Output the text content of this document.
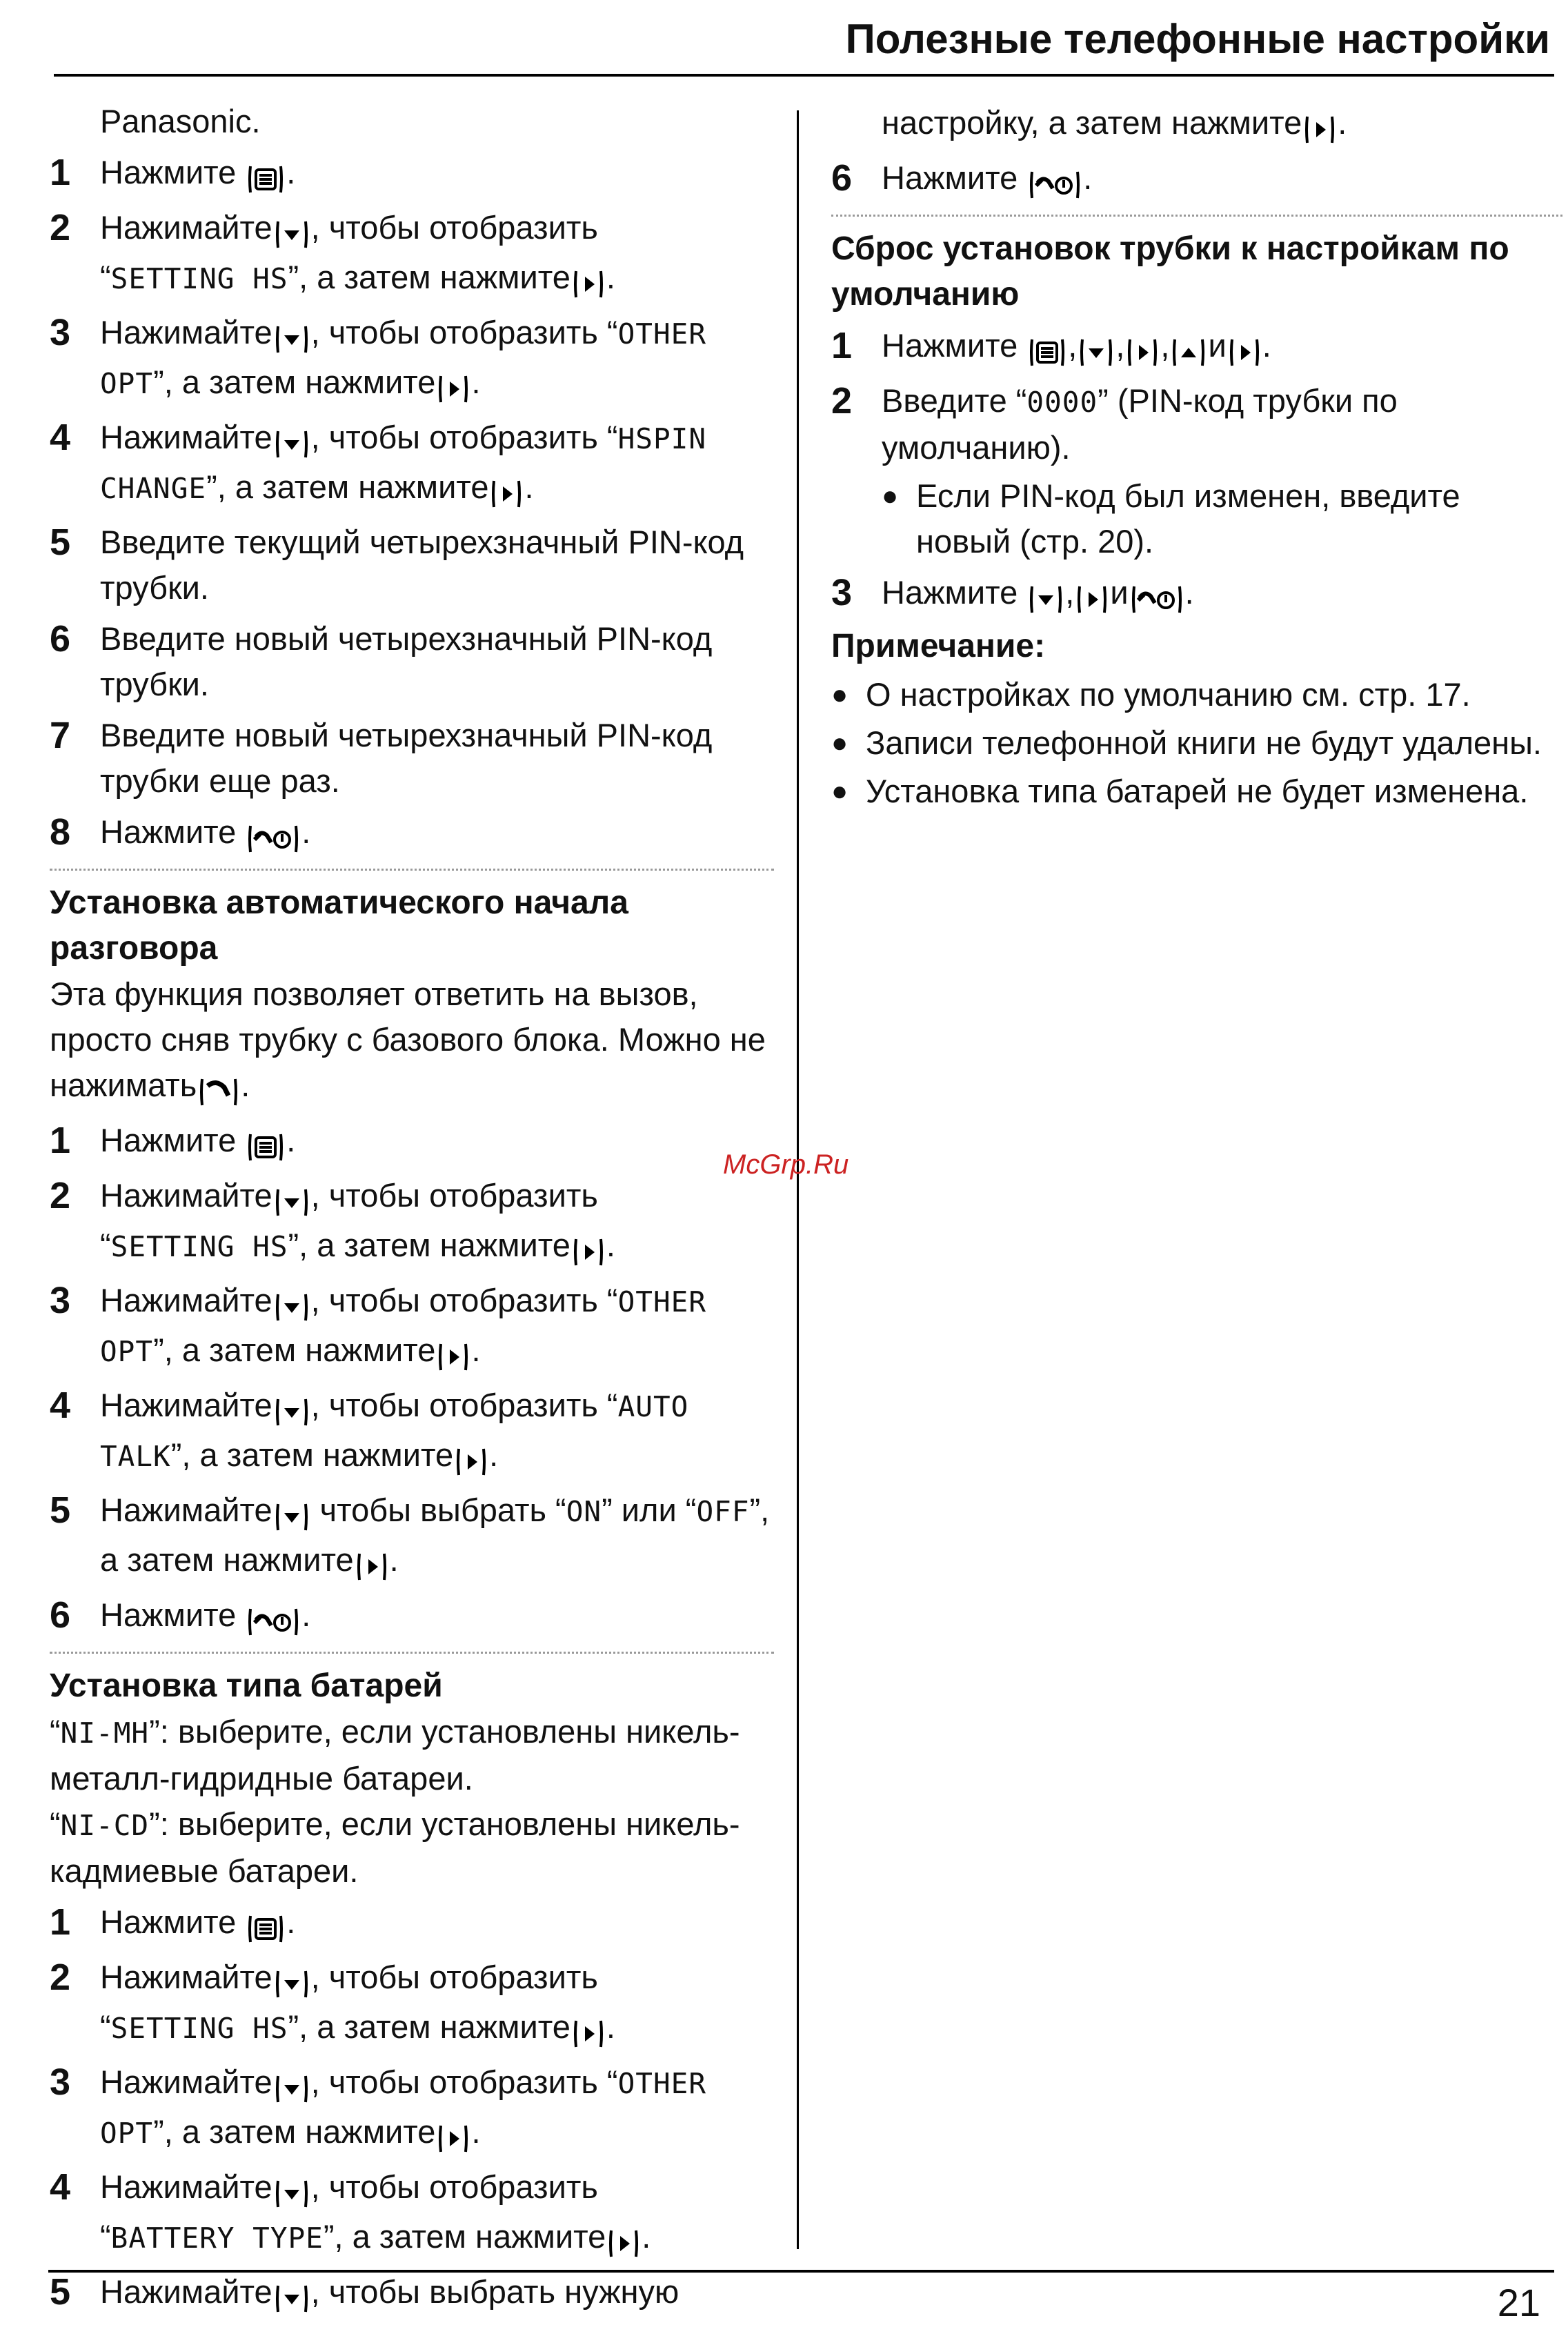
Полезные телефонные настройки
McGrp.Ru
Panasonic.
1 Нажмите .
2 Нажимайте , чтобы отобразить
“SETTING HS”, а затем нажмите .
3 Нажимайте , чтобы отобразить “OTHER OPT”, а затем нажмите .
4 Нажимайте , чтобы отобразить “HSPIN CHANGE”, а затем нажмите .
5 Введите текущий четырехзначный PIN-код трубки.
6 Введите новый четырехзначный PIN-код трубки.
7 Введите новый четырехзначный PIN-код трубки еще раз.
8 Нажмите .
Установка автоматического начала разговора
Эта функция позволяет ответить на вызов, просто сняв трубку с базового блока. Можно не нажимать .
1 Нажмите .
2 Нажимайте , чтобы отобразить
“SETTING HS”, а затем нажмите .
3 Нажимайте , чтобы отобразить “OTHER OPT”, а затем нажмите .
4 Нажимайте , чтобы отобразить “AUTO TALK”, а затем нажмите .
5 Нажимайте чтобы выбрать “ON” или “OFF”, а затем нажмите .
6 Нажмите .
Установка типа батарей
“NI-MH”: выберите, если установлены никель-металл-гидридные батареи.
“NI-CD”: выберите, если установлены никель-кадмиевые батареи.
1 Нажмите .
2 Нажимайте , чтобы отобразить
“SETTING HS”, а затем нажмите .
3 Нажимайте , чтобы отобразить “OTHER OPT”, а затем нажмите .
4 Нажимайте , чтобы отобразить
“BATTERY TYPE”, а затем нажмите .
5 Нажимайте , чтобы выбрать нужную
настройку, а затем нажмите .
6 Нажмите .
Сброс установок трубки к настройкам по умолчанию
1 Нажмите , , , и .
2 Введите “0000” (PIN-код трубки по умолчанию).
● Если PIN-код был изменен, введите новый (стр. 20).
3 Нажмите , и .
Примечание:
● О настройках по умолчанию см. стр. 17.
● Записи телефонной книги не будут удалены.
● Установка типа батарей не будет изменена.
21
